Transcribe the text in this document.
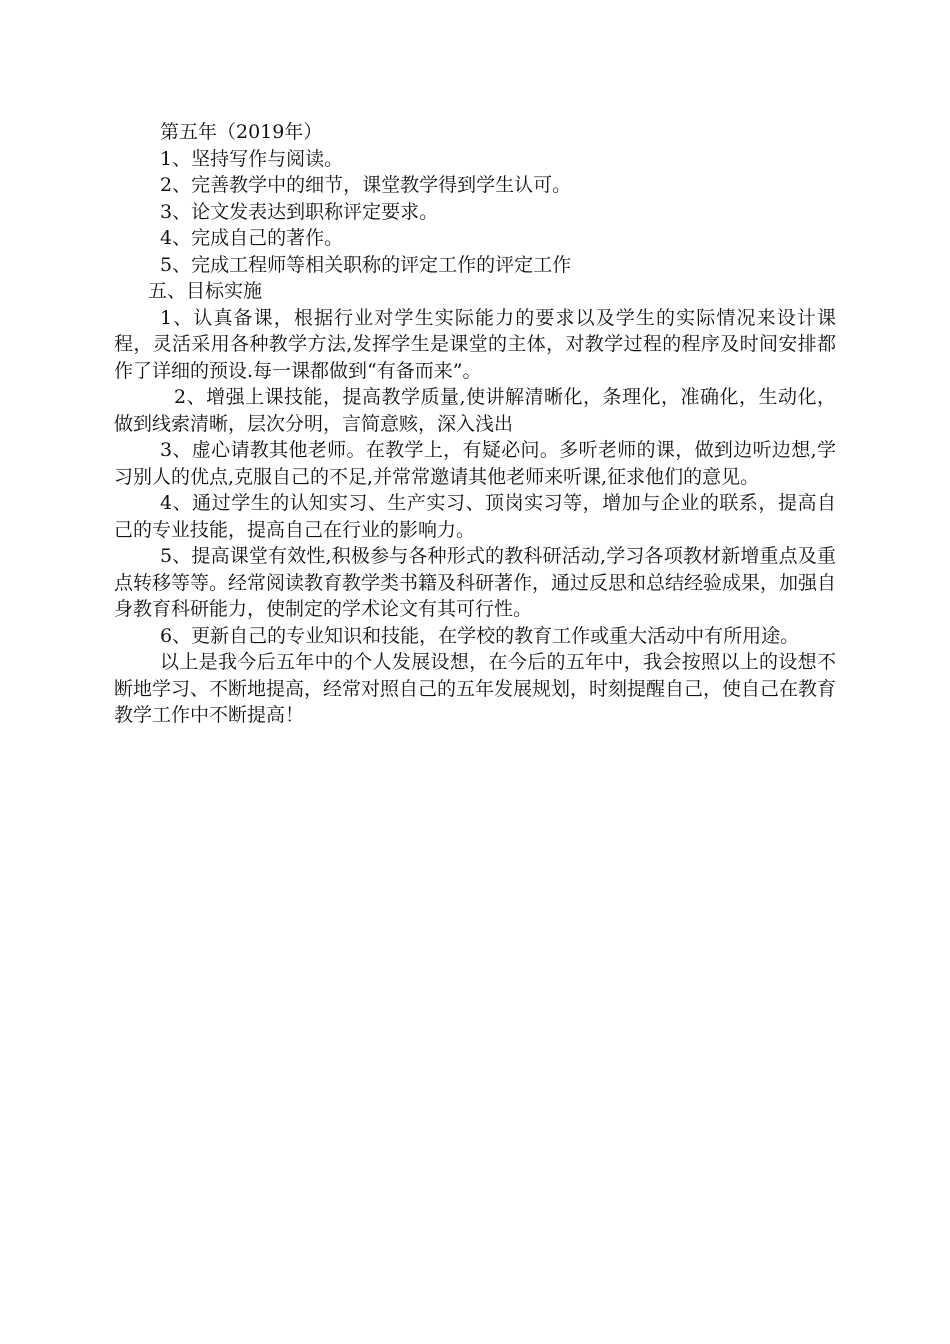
第五年（2019年）

1、坚持写作与阅读。

2、完善教学中的细节，课堂教学得到学生认可。

3、论文发表达到职称评定要求。

4、完成自己的著作。

5、完成工程师等相关职称的评定工作的评定工作

五、目标实施

1、认真备课，根据行业对学生实际能力的要求以及学生的实际情况来设计课程，灵活采用各种教学方法,发挥学生是课堂的主体，对教学过程的程序及时间安排都作了详细的预设.每一课都做到“有备而来”。

2、增强上课技能，提高教学质量,使讲解清晰化，条理化，准确化，生动化，做到线索清晰，层次分明，言简意赅，深入浅出

3、虚心请教其他老师。在教学上，有疑必问。多听老师的课，做到边听边想,学习别人的优点,克服自己的不足,并常常邀请其他老师来听课,征求他们的意见。

4、通过学生的认知实习、生产实习、顶岗实习等，增加与企业的联系，提高自己的专业技能，提高自己在行业的影响力。

5、提高课堂有效性,积极参与各种形式的教科研活动,学习各项教材新增重点及重点转移等等。经常阅读教育教学类书籍及科研著作，通过反思和总结经验成果，加强自身教育科研能力，使制定的学术论文有其可行性。

6、更新自己的专业知识和技能，在学校的教育工作或重大活动中有所用途。

以上是我今后五年中的个人发展设想，在今后的五年中，我会按照以上的设想不断地学习、不断地提高，经常对照自己的五年发展规划，时刻提醒自己，使自己在教育教学工作中不断提高！
